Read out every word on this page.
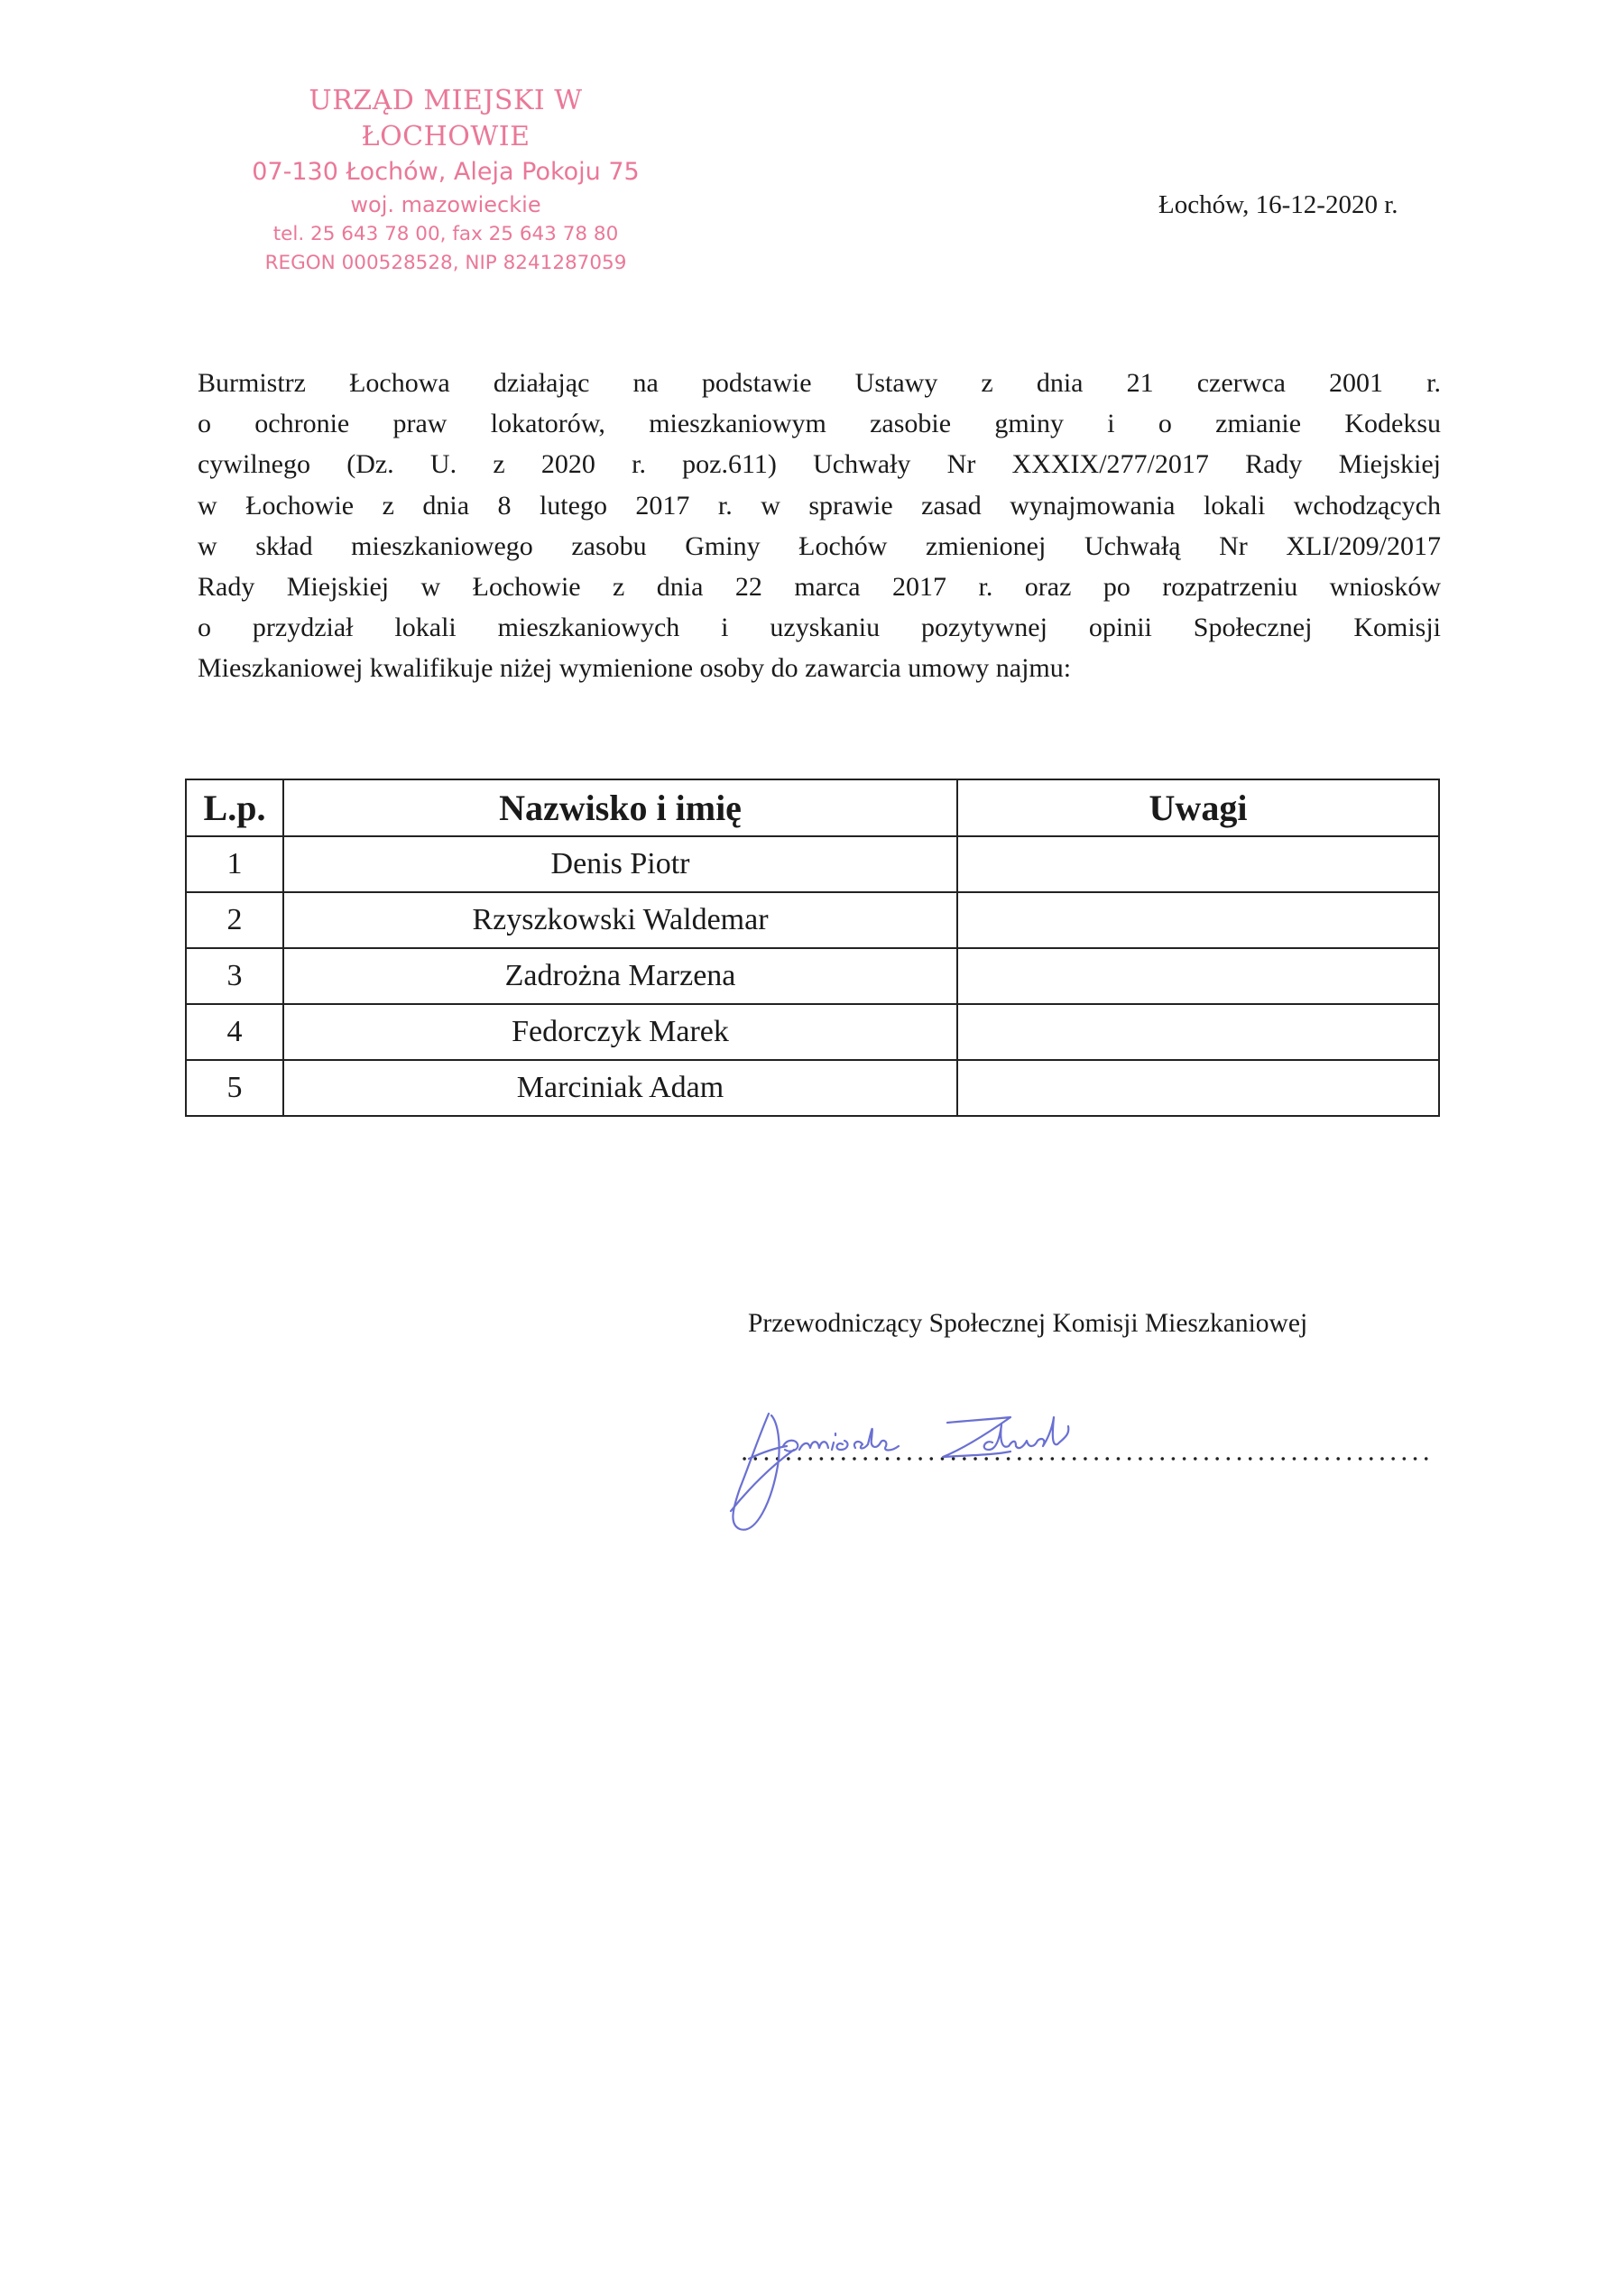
URZĄD MIEJSKI W ŁOCHOWIE
07-130 Łochów, Aleja Pokoju 75
woj. mazowieckie
tel. 25 643 78 00, fax 25 643 78 80
REGON 000528528, NIP 8241287059
Łochów, 16-12-2020 r.
Burmistrz Łochowa działając na podstawie Ustawy z dnia 21 czerwca 2001 r.
o ochronie praw lokatorów, mieszkaniowym zasobie gminy i o zmianie Kodeksu
cywilnego (Dz. U. z 2020 r. poz.611) Uchwały Nr XXXIX/277/2017 Rady Miejskiej
w Łochowie z dnia 8 lutego 2017 r. w sprawie zasad wynajmowania lokali wchodzących
w skład mieszkaniowego zasobu Gminy Łochów zmienionej Uchwałą Nr XLI/209/2017
Rady Miejskiej w Łochowie z dnia 22 marca 2017 r. oraz po rozpatrzeniu wniosków
o przydział lokali mieszkaniowych i uzyskaniu pozytywnej opinii Społecznej Komisji
Mieszkaniowej kwalifikuje niżej wymienione osoby do zawarcia umowy najmu:
L.p.	Nazwisko i imię	Uwagi
1	Denis Piotr	
2	Rzyszkowski Waldemar	
3	Zadrożna Marzena	
4	Fedorczyk Marek	
5	Marciniak Adam	
Przewodniczący Społecznej Komisji Mieszkaniowej
